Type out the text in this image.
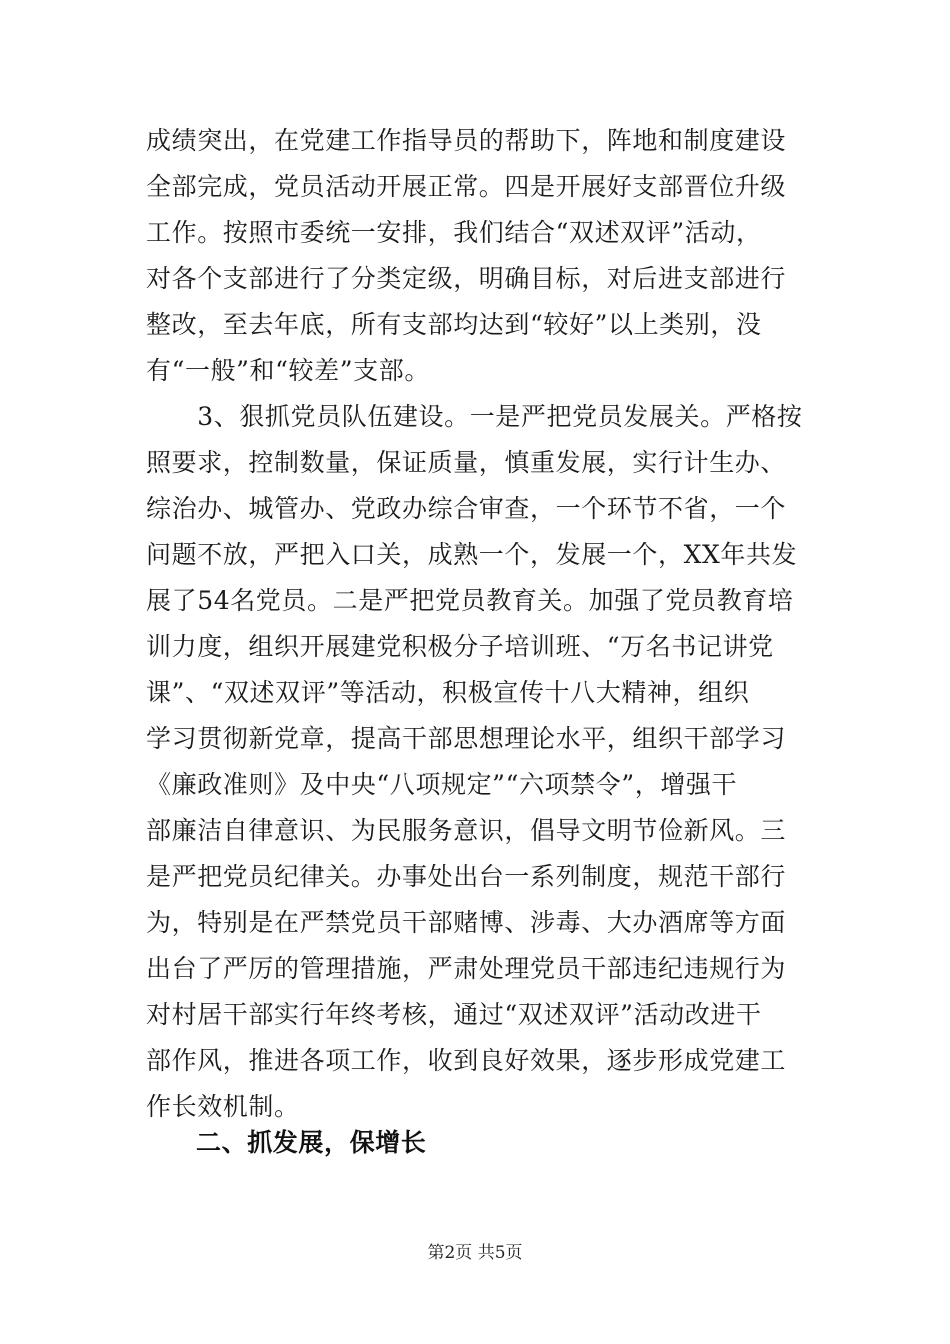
成绩突出，在党建工作指导员的帮助下，阵地和制度建设
全部完成，党员活动开展正常。四是开展好支部晋位升级
工作。按照市委统一安排，我们结合“双述双评”活动，
对各个支部进行了分类定级，明确目标，对后进支部进行
整改，至去年底，所有支部均达到“较好”以上类别，没
有“一般”和“较差”支部。
　　3、狠抓党员队伍建设。一是严把党员发展关。严格按
照要求，控制数量，保证质量，慎重发展，实行计生办、
综治办、城管办、党政办综合审查，一个环节不省，一个
问题不放，严把入口关，成熟一个，发展一个，XX年共发
展了54名党员。二是严把党员教育关。加强了党员教育培
训力度，组织开展建党积极分子培训班、“万名书记讲党
课”、“双述双评”等活动，积极宣传十八大精神，组织
学习贯彻新党章，提高干部思想理论水平，组织干部学习
《廉政准则》及中央“八项规定”“六项禁令”，增强干
部廉洁自律意识、为民服务意识，倡导文明节俭新风。三
是严把党员纪律关。办事处出台一系列制度，规范干部行
为，特别是在严禁党员干部赌博、涉毒、大办酒席等方面
出台了严厉的管理措施，严肃处理党员干部违纪违规行为
对村居干部实行年终考核，通过“双述双评”活动改进干
部作风，推进各项工作，收到良好效果，逐步形成党建工
作长效机制。
二、抓发展，保增长
第2页 共5页
